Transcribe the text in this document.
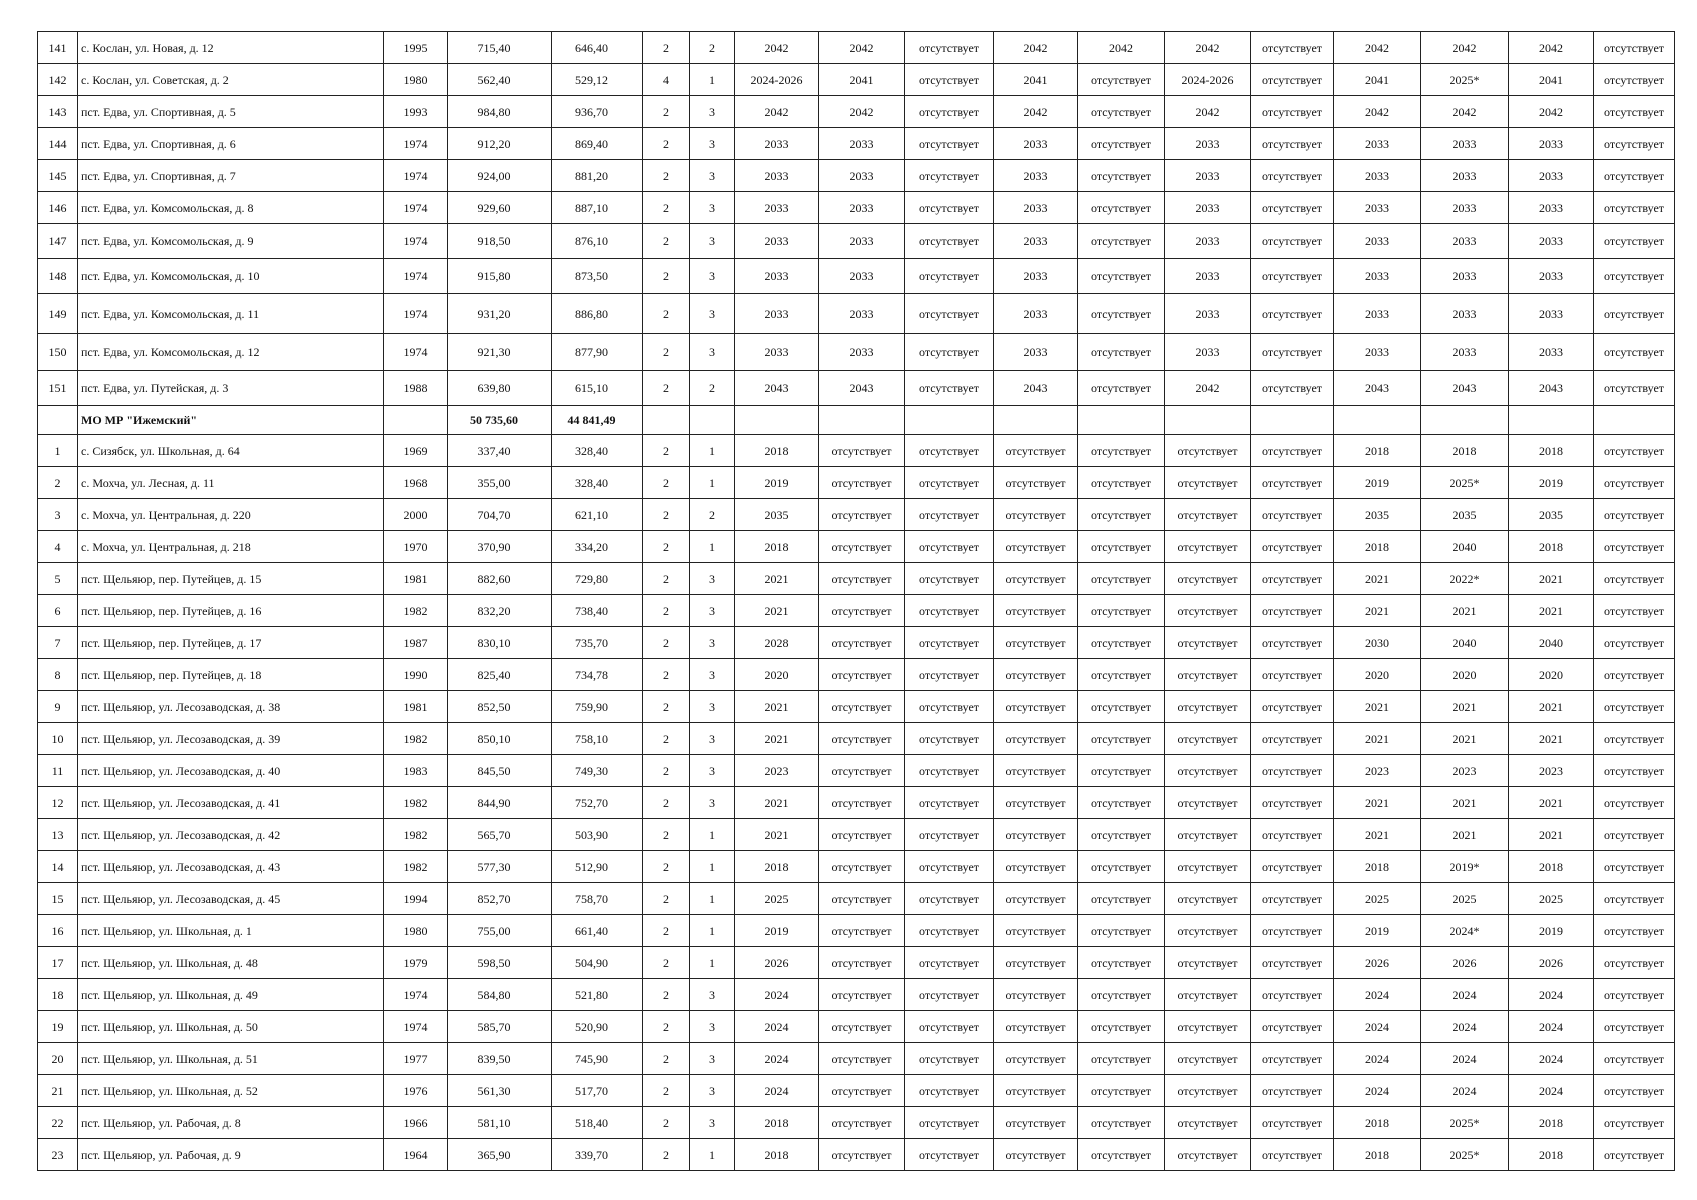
141	с. Кослан, ул. Новая, д. 12	1995	715,40	646,40	2	2	2042	2042	отсутствует	2042	2042	2042	отсутствует	2042	2042	2042	отсутствует
142	с. Кослан, ул. Советская, д. 2	1980	562,40	529,12	4	1	2024-2026	2041	отсутствует	2041	отсутствует	2024-2026	отсутствует	2041	2025*	2041	отсутствует
143	пст. Едва, ул. Спортивная, д. 5	1993	984,80	936,70	2	3	2042	2042	отсутствует	2042	отсутствует	2042	отсутствует	2042	2042	2042	отсутствует
144	пст. Едва, ул. Спортивная, д. 6	1974	912,20	869,40	2	3	2033	2033	отсутствует	2033	отсутствует	2033	отсутствует	2033	2033	2033	отсутствует
145	пст. Едва, ул. Спортивная, д. 7	1974	924,00	881,20	2	3	2033	2033	отсутствует	2033	отсутствует	2033	отсутствует	2033	2033	2033	отсутствует
146	пст. Едва, ул. Комсомольская, д. 8	1974	929,60	887,10	2	3	2033	2033	отсутствует	2033	отсутствует	2033	отсутствует	2033	2033	2033	отсутствует
147	пст. Едва, ул. Комсомольская, д. 9	1974	918,50	876,10	2	3	2033	2033	отсутствует	2033	отсутствует	2033	отсутствует	2033	2033	2033	отсутствует
148	пст. Едва, ул. Комсомольская, д. 10	1974	915,80	873,50	2	3	2033	2033	отсутствует	2033	отсутствует	2033	отсутствует	2033	2033	2033	отсутствует
149	пст. Едва, ул. Комсомольская, д. 11	1974	931,20	886,80	2	3	2033	2033	отсутствует	2033	отсутствует	2033	отсутствует	2033	2033	2033	отсутствует
150	пст. Едва, ул. Комсомольская, д. 12	1974	921,30	877,90	2	3	2033	2033	отсутствует	2033	отсутствует	2033	отсутствует	2033	2033	2033	отсутствует
151	пст. Едва, ул. Путейская, д. 3	1988	639,80	615,10	2	2	2043	2043	отсутствует	2043	отсутствует	2042	отсутствует	2043	2043	2043	отсутствует
	МО МР "Ижемский"		50 735,60	44 841,49													
1	с. Сизябск, ул. Школьная, д. 64	1969	337,40	328,40	2	1	2018	отсутствует	отсутствует	отсутствует	отсутствует	отсутствует	отсутствует	2018	2018	2018	отсутствует
2	с. Мохча, ул. Лесная, д. 11	1968	355,00	328,40	2	1	2019	отсутствует	отсутствует	отсутствует	отсутствует	отсутствует	отсутствует	2019	2025*	2019	отсутствует
3	с. Мохча, ул. Центральная, д. 220	2000	704,70	621,10	2	2	2035	отсутствует	отсутствует	отсутствует	отсутствует	отсутствует	отсутствует	2035	2035	2035	отсутствует
4	с. Мохча, ул. Центральная, д. 218	1970	370,90	334,20	2	1	2018	отсутствует	отсутствует	отсутствует	отсутствует	отсутствует	отсутствует	2018	2040	2018	отсутствует
5	пст. Щельяюр, пер. Путейцев, д. 15	1981	882,60	729,80	2	3	2021	отсутствует	отсутствует	отсутствует	отсутствует	отсутствует	отсутствует	2021	2022*	2021	отсутствует
6	пст. Щельяюр, пер. Путейцев, д. 16	1982	832,20	738,40	2	3	2021	отсутствует	отсутствует	отсутствует	отсутствует	отсутствует	отсутствует	2021	2021	2021	отсутствует
7	пст. Щельяюр, пер. Путейцев, д. 17	1987	830,10	735,70	2	3	2028	отсутствует	отсутствует	отсутствует	отсутствует	отсутствует	отсутствует	2030	2040	2040	отсутствует
8	пст. Щельяюр, пер. Путейцев, д. 18	1990	825,40	734,78	2	3	2020	отсутствует	отсутствует	отсутствует	отсутствует	отсутствует	отсутствует	2020	2020	2020	отсутствует
9	пст. Щельяюр, ул. Лесозаводская, д. 38	1981	852,50	759,90	2	3	2021	отсутствует	отсутствует	отсутствует	отсутствует	отсутствует	отсутствует	2021	2021	2021	отсутствует
10	пст. Щельяюр, ул. Лесозаводская, д. 39	1982	850,10	758,10	2	3	2021	отсутствует	отсутствует	отсутствует	отсутствует	отсутствует	отсутствует	2021	2021	2021	отсутствует
11	пст. Щельяюр, ул. Лесозаводская, д. 40	1983	845,50	749,30	2	3	2023	отсутствует	отсутствует	отсутствует	отсутствует	отсутствует	отсутствует	2023	2023	2023	отсутствует
12	пст. Щельяюр, ул. Лесозаводская, д. 41	1982	844,90	752,70	2	3	2021	отсутствует	отсутствует	отсутствует	отсутствует	отсутствует	отсутствует	2021	2021	2021	отсутствует
13	пст. Щельяюр, ул. Лесозаводская, д. 42	1982	565,70	503,90	2	1	2021	отсутствует	отсутствует	отсутствует	отсутствует	отсутствует	отсутствует	2021	2021	2021	отсутствует
14	пст. Щельяюр, ул. Лесозаводская, д. 43	1982	577,30	512,90	2	1	2018	отсутствует	отсутствует	отсутствует	отсутствует	отсутствует	отсутствует	2018	2019*	2018	отсутствует
15	пст. Щельяюр, ул. Лесозаводская, д. 45	1994	852,70	758,70	2	1	2025	отсутствует	отсутствует	отсутствует	отсутствует	отсутствует	отсутствует	2025	2025	2025	отсутствует
16	пст. Щельяюр, ул. Школьная, д. 1	1980	755,00	661,40	2	1	2019	отсутствует	отсутствует	отсутствует	отсутствует	отсутствует	отсутствует	2019	2024*	2019	отсутствует
17	пст. Щельяюр, ул. Школьная, д. 48	1979	598,50	504,90	2	1	2026	отсутствует	отсутствует	отсутствует	отсутствует	отсутствует	отсутствует	2026	2026	2026	отсутствует
18	пст. Щельяюр, ул. Школьная, д. 49	1974	584,80	521,80	2	3	2024	отсутствует	отсутствует	отсутствует	отсутствует	отсутствует	отсутствует	2024	2024	2024	отсутствует
19	пст. Щельяюр, ул. Школьная, д. 50	1974	585,70	520,90	2	3	2024	отсутствует	отсутствует	отсутствует	отсутствует	отсутствует	отсутствует	2024	2024	2024	отсутствует
20	пст. Щельяюр, ул. Школьная, д. 51	1977	839,50	745,90	2	3	2024	отсутствует	отсутствует	отсутствует	отсутствует	отсутствует	отсутствует	2024	2024	2024	отсутствует
21	пст. Щельяюр, ул. Школьная, д. 52	1976	561,30	517,70	2	3	2024	отсутствует	отсутствует	отсутствует	отсутствует	отсутствует	отсутствует	2024	2024	2024	отсутствует
22	пст. Щельяюр, ул. Рабочая, д. 8	1966	581,10	518,40	2	3	2018	отсутствует	отсутствует	отсутствует	отсутствует	отсутствует	отсутствует	2018	2025*	2018	отсутствует
23	пст. Щельяюр, ул. Рабочая, д. 9	1964	365,90	339,70	2	1	2018	отсутствует	отсутствует	отсутствует	отсутствует	отсутствует	отсутствует	2018	2025*	2018	отсутствует
